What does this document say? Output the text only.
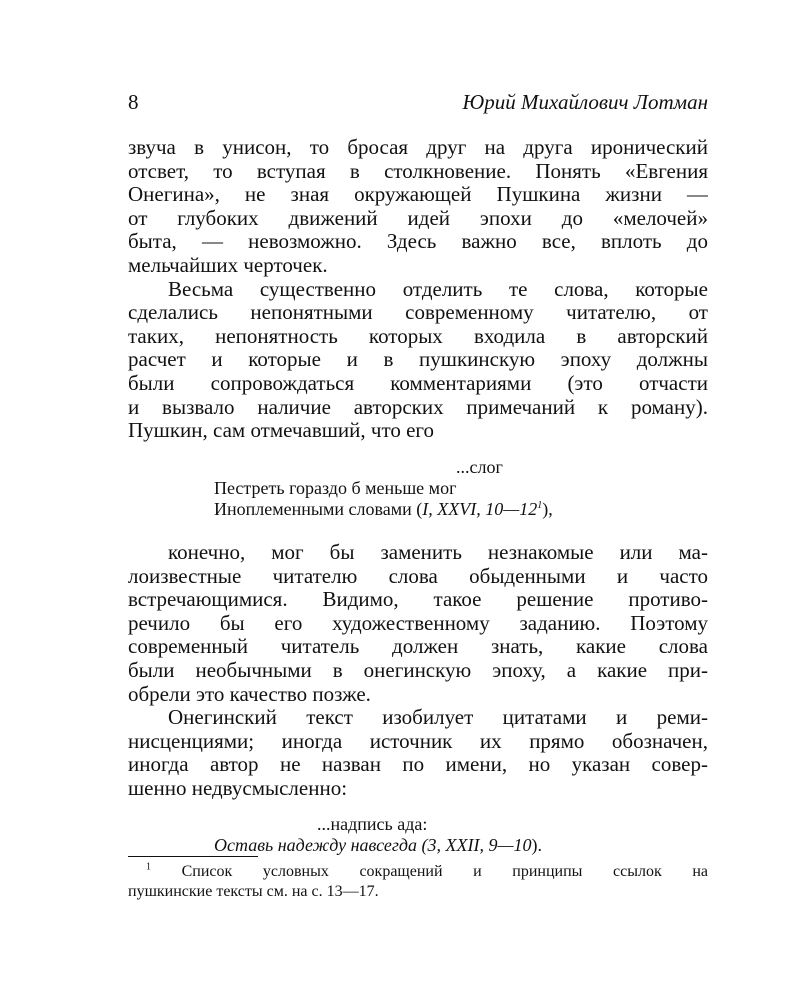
8	Юрий Михайлович Лотман
звуча в унисон, то бросая друг на друга иронический
отсвет, то вступая в столкновение. Понять «Евгения
Онегина», не зная окружающей Пушкина жизни —
от глубоких движений идей эпохи до «мелочей»
быта, — невозможно. Здесь важно все, вплоть до
мельчайших черточек.
Весьма существенно отделить те слова, которые
сделались непонятными современному читателю, от
таких, непонятность которых входила в авторский
расчет и которые и в пушкинскую эпоху должны
были сопровождаться комментариями (это отчасти
и вызвало наличие авторских примечаний к роману).
Пушкин, сам отмечавший, что его
...слог
Пестреть гораздо б меньше мог
Иноплеменными словами (I, XXVI, $10—12^1$),
конечно, мог бы заменить незнакомые или ма-
лоизвестные читателю слова обыденными и часто
встречающимися. Видимо, такое решение противо-
речило бы его художественному заданию. Поэтому
современный читатель должен знать, какие слова
были необычными в онегинскую эпоху, а какие при-
обрели это качество позже.
Онегинский текст изобилует цитатами и реми-
нисценциями; иногда источник их прямо обозначен,
иногда автор не назван по имени, но указан совер-
шенно недвусмысленно:
...надпись ада:
Оставь надежду навсегда (3, XXII, 9—10).
$^1$ Список условных сокращений и принципы ссылок на
пушкинские тексты см. на с. 13—17.
